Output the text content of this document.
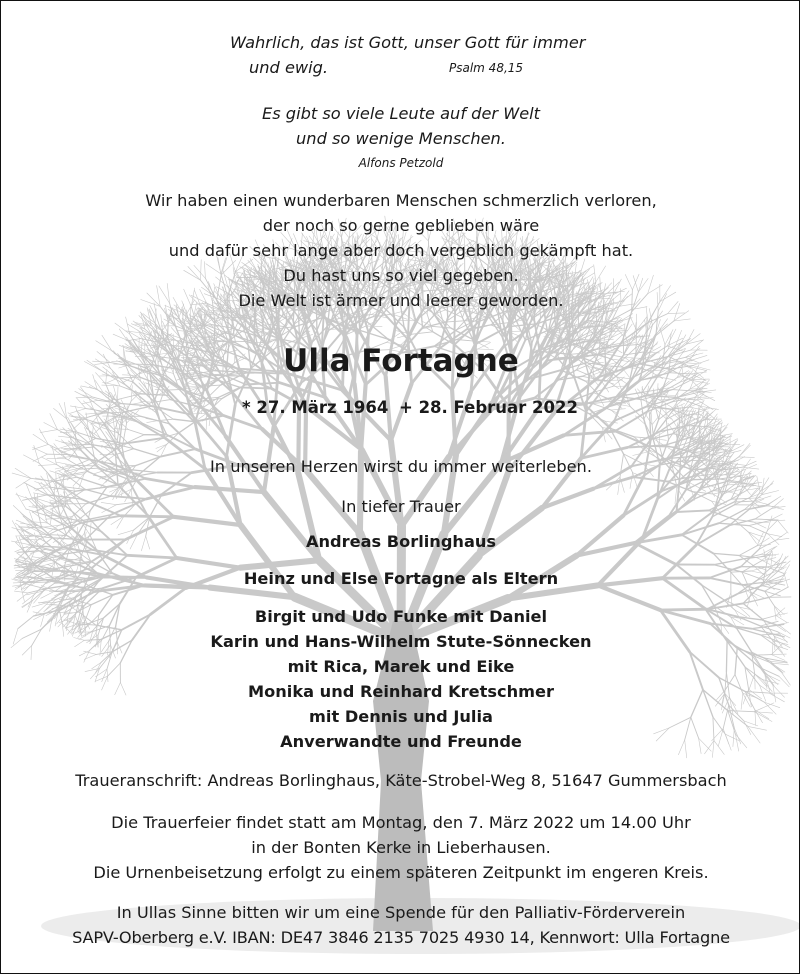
Wahrlich, das ist Gott, unser Gott für immer
und ewig.	Psalm 48,15
Es gibt so viele Leute auf der Welt
und so wenige Menschen.
Alfons Petzold
Wir haben einen wunderbaren Menschen schmerzlich verloren,
der noch so gerne geblieben wäre
und dafür sehr lange aber doch vergeblich gekämpft hat.
Du hast uns so viel gegeben.
Die Welt ist ärmer und leerer geworden.
Ulla Fortagne
* 27. März 1964 + 28. Februar 2022
In unseren Herzen wirst du immer weiterleben.
In tiefer Trauer
Andreas Borlinghaus
Heinz und Else Fortagne als Eltern
Birgit und Udo Funke mit Daniel
Karin und Hans-Wilhelm Stute-Sönnecken
mit Rica, Marek und Eike
Monika und Reinhard Kretschmer
mit Dennis und Julia
Anverwandte und Freunde
Traueranschrift: Andreas Borlinghaus, Käte-Strobel-Weg 8, 51647 Gummersbach
Die Trauerfeier findet statt am Montag, den 7. März 2022 um 14.00 Uhr
in der Bonten Kerke in Lieberhausen.
Die Urnenbeisetzung erfolgt zu einem späteren Zeitpunkt im engeren Kreis.
In Ullas Sinne bitten wir um eine Spende für den Palliativ-Förderverein
SAPV-Oberberg e.V. IBAN: DE47 3846 2135 7025 4930 14, Kennwort: Ulla Fortagne
